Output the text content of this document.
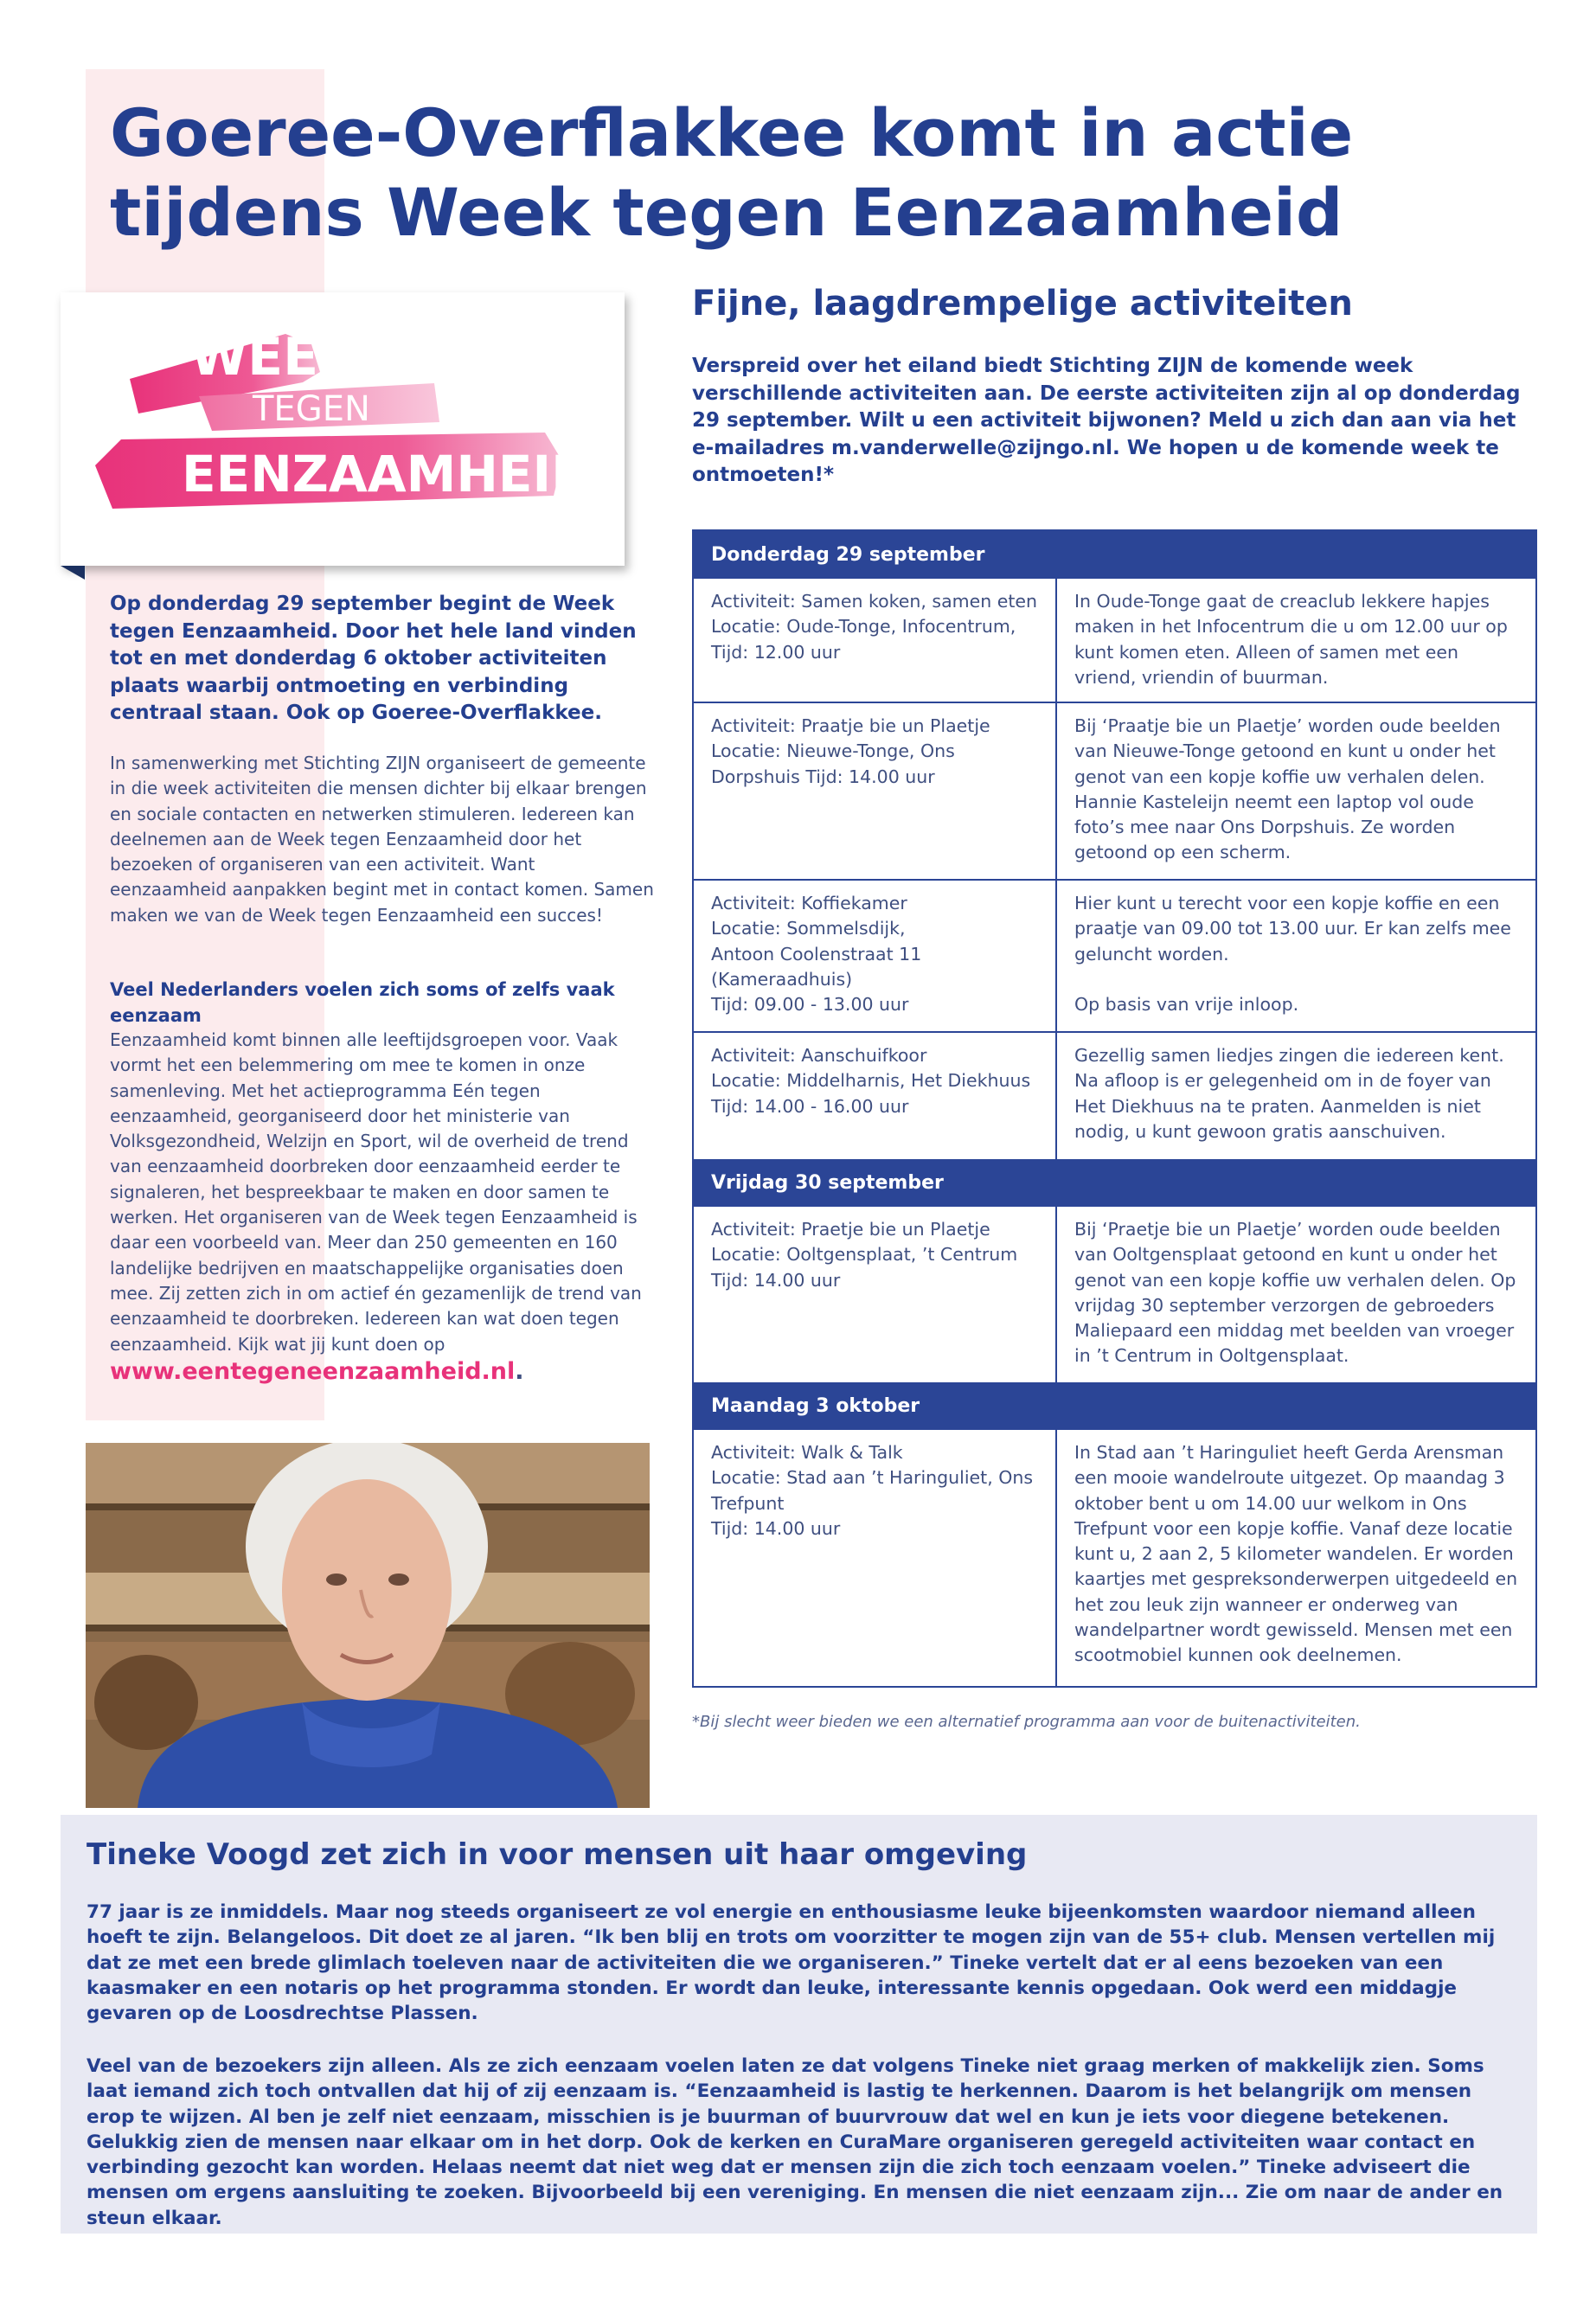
Goeree-Overflakkee komt in actie
tijdens Week tegen Eenzaamheid
WEEK
TEGEN
EENZAAMHEID

Op donderdag 29 september begint de Week tegen Eenzaamheid. Door het hele land vinden tot en met donderdag 6 oktober activiteiten plaats waarbij ontmoeting en verbinding centraal staan. Ook op Goeree-Overflakkee.

In samenwerking met Stichting ZIJN organiseert de gemeente in die week activiteiten die mensen dichter bij elkaar brengen en sociale contacten en netwerken stimuleren. Iedereen kan deelnemen aan de Week tegen Eenzaamheid door het bezoeken of organiseren van een activiteit. Want eenzaamheid aanpakken begint met in contact komen. Samen maken we van de Week tegen Eenzaamheid een succes!

Veel Nederlanders voelen zich soms of zelfs vaak eenzaam

Eenzaamheid komt binnen alle leeftijdsgroepen voor. Vaak vormt het een belemmering om mee te komen in onze samenleving. Met het actieprogramma Eén tegen eenzaamheid, georganiseerd door het ministerie van Volksgezondheid, Welzijn en Sport, wil de overheid de trend van eenzaamheid doorbreken door eenzaamheid eerder te signaleren, het bespreekbaar te maken en door samen te werken. Het organiseren van de Week tegen Eenzaamheid is daar een voorbeeld van. Meer dan 250 gemeenten en 160 landelijke bedrijven en maatschappelijke organisaties doen mee. Zij zetten zich in om actief én gezamenlijk de trend van eenzaamheid te doorbreken. Iedereen kan wat doen tegen eenzaamheid. Kijk wat jij kunt doen op

www.eentegeneenzaamheid.nl.

Fijne, laagdrempelige activiteiten

Verspreid over het eiland biedt Stichting ZIJN de komende week verschillende activiteiten aan. De eerste activiteiten zijn al op donderdag 29 september. Wilt u een activiteit bijwonen? Meld u zich dan aan via het e-mailadres m.vanderwelle@zijngo.nl. We hopen u de komende week te ontmoeten!*

Donderdag 29 september
Activiteit: Samen koken, samen eten
Locatie: Oude-Tonge, Infocentrum,
Tijd: 12.00 uur
In Oude-Tonge gaat de creaclub lekkere hapjes maken in het Infocentrum die u om 12.00 uur op kunt komen eten. Alleen of samen met een vriend, vriendin of buurman.
Activiteit: Praatje bie un Plaetje
Locatie: Nieuwe-Tonge, Ons Dorpshuis Tijd: 14.00 uur
Bij ‘Praatje bie un Plaetje’ worden oude beelden van Nieuwe-Tonge getoond en kunt u onder het genot van een kopje koffie uw verhalen delen. Hannie Kasteleijn neemt een laptop vol oude foto’s mee naar Ons Dorpshuis. Ze worden getoond op een scherm.
Activiteit: Koffiekamer
Locatie: Sommelsdijk,
Antoon Coolenstraat 11
(Kameraadhuis)
Tijd: 09.00 - 13.00 uur
Hier kunt u terecht voor een kopje koffie en een praatje van 09.00 tot 13.00 uur. Er kan zelfs mee geluncht worden.
Op basis van vrije inloop.
Activiteit: Aanschuifkoor
Locatie: Middelharnis, Het Diekhuus
Tijd: 14.00 - 16.00 uur
Gezellig samen liedjes zingen die iedereen kent. Na afloop is er gelegenheid om in de foyer van Het Diekhuus na te praten. Aanmelden is niet nodig, u kunt gewoon gratis aanschuiven.
Vrijdag 30 september
Activiteit: Praetje bie un Plaetje
Locatie: Ooltgensplaat, ’t Centrum
Tijd: 14.00 uur
Bij ‘Praetje bie un Plaetje’ worden oude beelden van Ooltgensplaat getoond en kunt u onder het genot van een kopje koffie uw verhalen delen. Op vrijdag 30 september verzorgen de gebroeders Maliepaard een middag met beelden van vroeger in ’t Centrum in Ooltgensplaat.
Maandag 3 oktober
Activiteit: Walk & Talk
Locatie: Stad aan ’t Haringuliet, Ons Trefpunt
Tijd: 14.00 uur
In Stad aan ’t Haringuliet heeft Gerda Arensman een mooie wandelroute uitgezet. Op maandag 3 oktober bent u om 14.00 uur welkom in Ons Trefpunt voor een kopje koffie. Vanaf deze locatie kunt u, 2 aan 2, 5 kilometer wandelen. Er worden kaartjes met gespreksonderwerpen uitgedeeld en het zou leuk zijn wanneer er onderweg van wandelpartner wordt gewisseld. Mensen met een scootmobiel kunnen ook deelnemen.

*Bij slecht weer bieden we een alternatief programma aan voor de buitenactiviteiten.

Tineke Voogd zet zich in voor mensen uit haar omgeving

77 jaar is ze inmiddels. Maar nog steeds organiseert ze vol energie en enthousiasme leuke bijeenkomsten waardoor niemand alleen hoeft te zijn. Belangeloos. Dit doet ze al jaren. “Ik ben blij en trots om voorzitter te mogen zijn van de 55+ club. Mensen vertellen mij dat ze met een brede glimlach toeleven naar de activiteiten die we organiseren.” Tineke vertelt dat er al eens bezoeken van een kaasmaker en een notaris op het programma stonden. Er wordt dan leuke, interessante kennis opgedaan. Ook werd een middagje gevaren op de Loosdrechtse Plassen.

Veel van de bezoekers zijn alleen. Als ze zich eenzaam voelen laten ze dat volgens Tineke niet graag merken of makkelijk zien. Soms laat iemand zich toch ontvallen dat hij of zij eenzaam is. “Eenzaamheid is lastig te herkennen. Daarom is het belangrijk om mensen erop te wijzen. Al ben je zelf niet eenzaam, misschien is je buurman of buurvrouw dat wel en kun je iets voor diegene betekenen. Gelukkig zien de mensen naar elkaar om in het dorp. Ook de kerken en CuraMare organiseren geregeld activiteiten waar contact en verbinding gezocht kan worden. Helaas neemt dat niet weg dat er mensen zijn die zich toch eenzaam voelen.” Tineke adviseert die mensen om ergens aansluiting te zoeken. Bijvoorbeeld bij een vereniging. En mensen die niet eenzaam zijn... Zie om naar de ander en steun elkaar.
